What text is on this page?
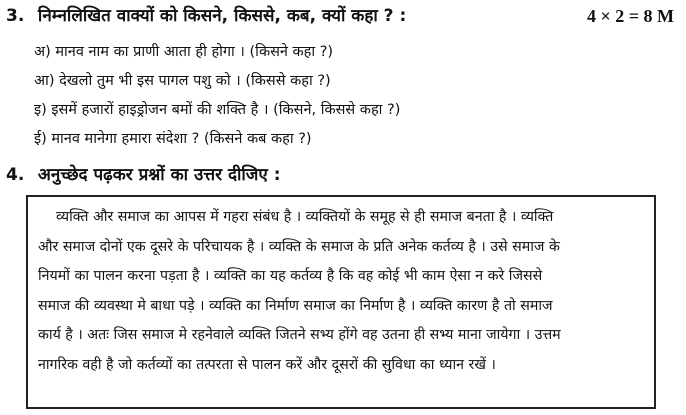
3. निम्नलिखित वाक्यों को किसने, किससे, कब, क्यों कहा ? :	4 × 2 = 8 M
अ) मानव नाम का प्राणी आता ही होगा । (किसने कहा ?)
आ) देखलो तुम भी इस पागल पशु को । (किससे कहा ?)
इ) इसमें हजारों हाइड्रोजन बमों की शक्ति है । (किसने, किससे कहा ?)
ई) मानव मानेगा हमारा संदेशा ? (किसने कब कहा ?)
4. अनुच्छेद पढ़कर प्रश्नों का उत्तर दीजिए :
व्यक्ति और समाज का आपस में गहरा संबंध है । व्यक्तियों के समूह से ही समाज बनता है । व्यक्ति
और समाज दोनों एक दूसरे के परिचायक है । व्यक्ति के समाज के प्रति अनेक कर्तव्य है । उसे समाज के
नियमों का पालन करना पड़ता है । व्यक्ति का यह कर्तव्य है कि वह कोई भी काम ऐसा न करे जिससे
समाज की व्यवस्था मे बाधा पड़े । व्यक्ति का निर्माण समाज का निर्माण है । व्यक्ति कारण है तो समाज
कार्य है । अतः जिस समाज मे रहनेवाले व्यक्ति जितने सभ्य होंगे वह उतना ही सभ्य माना जायेगा । उत्तम
नागरिक वही है जो कर्तव्यों का तत्परता से पालन करें और दूसरों की सुविधा का ध्यान रखें ।
